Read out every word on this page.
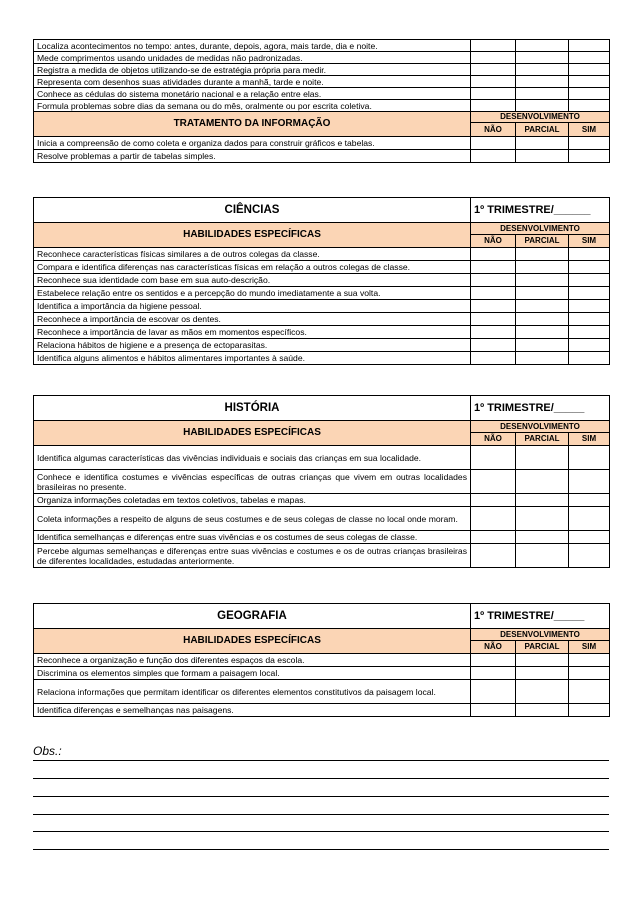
Localiza acontecimentos no tempo: antes, durante, depois, agora, mais tarde, dia e noite.			
Mede comprimentos usando unidades de medidas não padronizadas.			
Registra a medida de objetos utilizando-se de estratégia própria para medir.			
Representa com desenhos suas atividades durante a manhã, tarde e noite.			
Conhece as cédulas do sistema monetário nacional e a relação entre elas.			
Formula problemas sobre dias da semana ou do mês, oralmente ou por escrita coletiva.			
TRATAMENTO DA INFORMAÇÃO	DESENVOLVIMENTO		
	NÃO	PARCIAL	SIM
Inicia a compreensão de como coleta e organiza dados para construir gráficos e tabelas.			
Resolve problemas a partir de tabelas simples.			
CIÊNCIAS	1º TRIMESTRE/______		
HABILIDADES ESPECÍFICAS	DESENVOLVIMENTO		
	NÃO	PARCIAL	SIM
Reconhece características físicas similares a de outros colegas da classe.			
Compara e identifica diferenças nas características físicas em relação a outros colegas de classe.			
Reconhece sua identidade com base em sua auto-descrição.			
Estabelece relação entre os sentidos e a percepção do mundo imediatamente a sua volta.			
Identifica a importância da higiene pessoal.			
Reconhece a importância de escovar os dentes.			
Reconhece a importância de lavar as mãos em momentos específicos.			
Relaciona hábitos de higiene e a presença de ectoparasitas.			
Identifica alguns alimentos e hábitos alimentares importantes à saúde.			
HISTÓRIA	1º TRIMESTRE/_____		
HABILIDADES ESPECÍFICAS	DESENVOLVIMENTO		
	NÃO	PARCIAL	SIM
Identifica algumas características das vivências individuais e sociais das crianças em sua localidade.			
Conhece e identifica costumes e vivências específicas de outras crianças que vivem em outras localidades brasileiras no presente.			
Organiza informações coletadas em textos coletivos, tabelas e mapas.			
Coleta informações a respeito de alguns de seus costumes e de seus colegas de classe no local onde moram.			
Identifica semelhanças e diferenças entre suas vivências e os costumes de seus colegas de classe.			
Percebe algumas semelhanças e diferenças entre suas vivências e costumes e os de outras crianças brasileiras de diferentes localidades, estudadas anteriormente.			
GEOGRAFIA	1º TRIMESTRE/_____		
HABILIDADES ESPECÍFICAS	DESENVOLVIMENTO		
	NÃO	PARCIAL	SIM
Reconhece a organização e função dos diferentes espaços da escola.			
Discrimina os elementos simples que formam a paisagem local.			
Relaciona informações que permitam identificar os diferentes elementos constitutivos da paisagem local.			
Identifica diferenças e semelhanças nas paisagens.			
Obs.:
